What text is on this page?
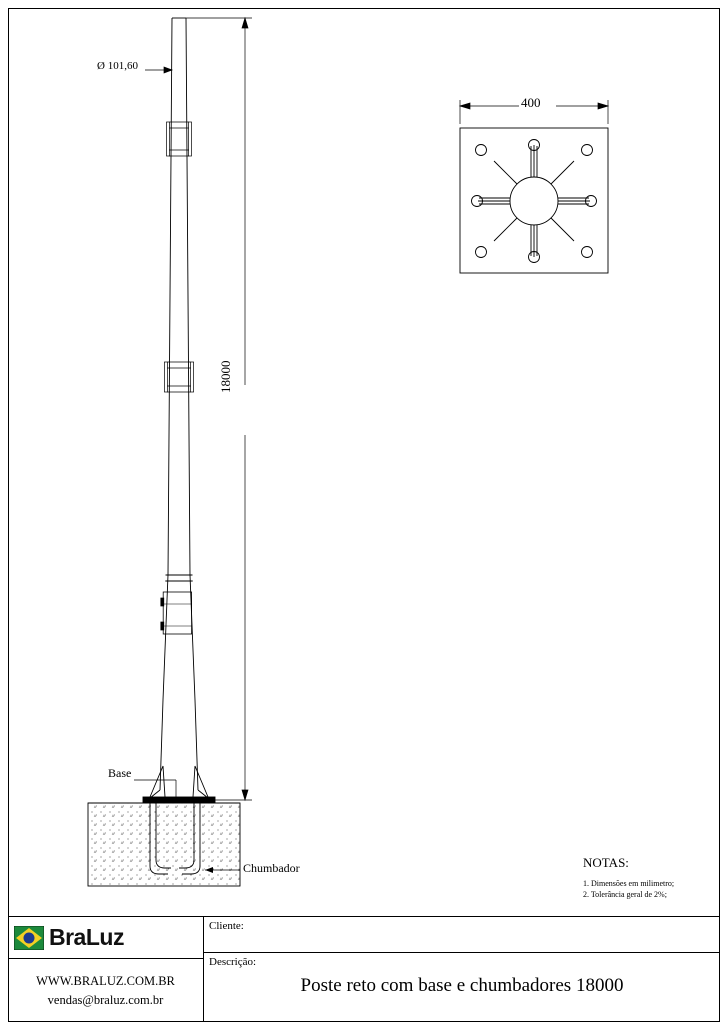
Ø 101,60
18000
400
Base
Chumbador	NOTAS:
1. Dimensões em milimetro;
2. Tolerância geral de 2%;
BraLuz
WWW.BRALUZ.COM.BR
vendas@braluz.com.br
Cliente:
Descrição:
Poste reto com base e chumbadores 18000
